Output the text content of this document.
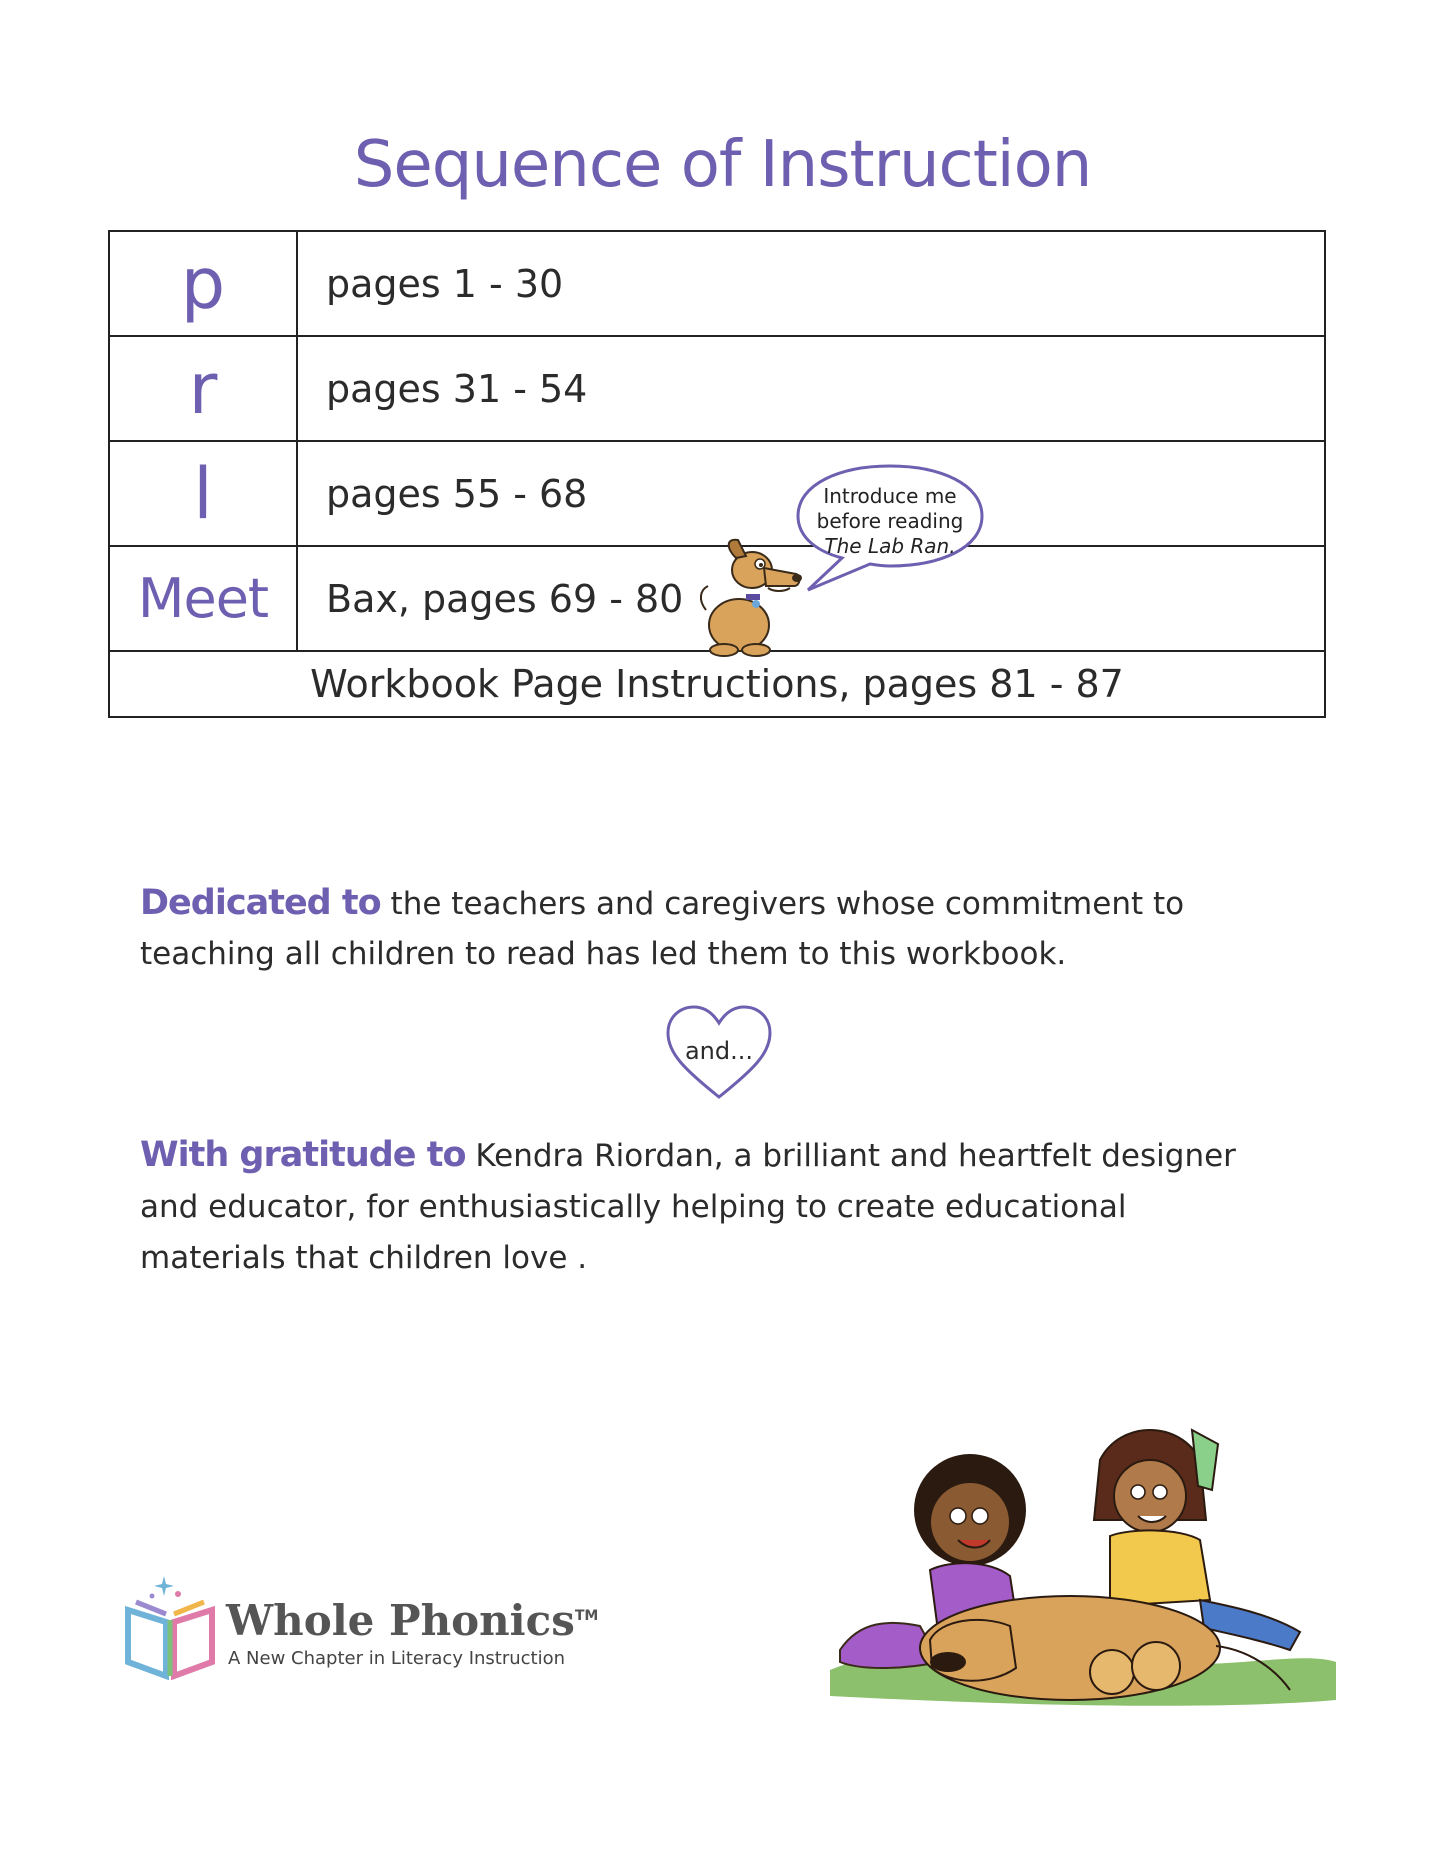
Sequence of Instruction
p	pages 1 - 30
r	pages 31 - 54
l	pages 55 - 68
Meet	Bax, pages 69 - 80
Workbook Page Instructions, pages 81 - 87	
Introduce me
before reading
The Lab Ran.
Dedicated to the teachers and caregivers whose commitment to teaching all children to read has led them to this workbook.
and...
With gratitude to Kendra Riordan, a brilliant and heartfelt designer and educator, for enthusiastically helping to create educational materials that children love .
Whole Phonics™
A New Chapter in Literacy Instruction
